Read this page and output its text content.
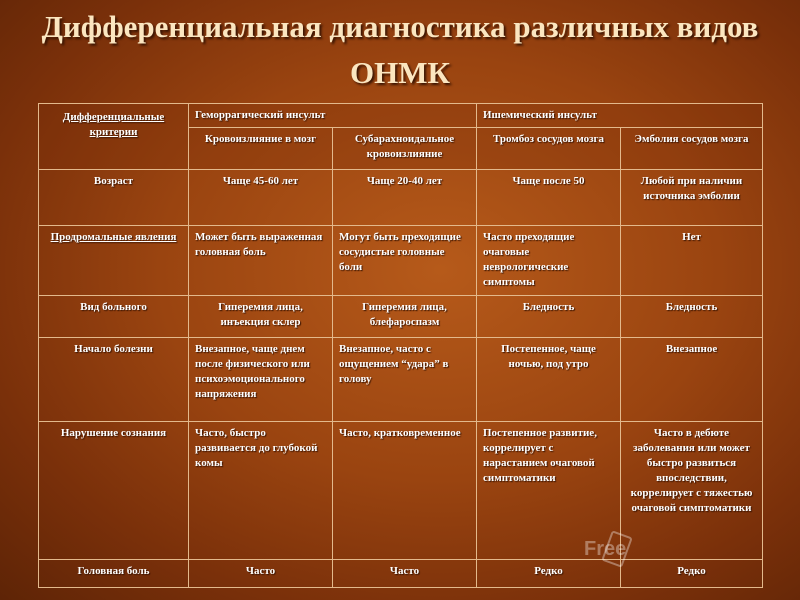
Дифференциальная диагностика различных видов ОНМК
Дифференциальные критерии	Геморрагический инсульт		Ишемический инсульт	
	Кровоизлияние в мозг	Субарахноидальное кровоизлияние	Тромбоз сосудов мозга	Эмболия сосудов мозга
Возраст	Чаще 45-60 лет	Чаще 20-40 лет	Чаще после 50	Любой при наличии источника эмболии
Продромальные явления	Может быть выраженная головная боль	Могут быть преходящие сосудистые головные боли	Часто преходящие очаговые неврологические симптомы	Нет
Вид больного	Гиперемия лица, инъекция склер	Гиперемия лица, блефароспазм	Бледность	Бледность
Начало болезни	Внезапное, чаще днем после физического или психоэмоционального напряжения	Внезапное, часто с ощущением “удара” в голову	Постепенное, чаще ночью, под утро	Внезапное
Нарушение сознания	Часто, быстро развивается до глубокой комы	Часто, кратковременное	Постепенное развитие, коррелирует с нарастанием очаговой симптоматики	Часто в дебюте заболевания или может быстро развиться впоследствии, коррелирует с тяжестью очаговой симптоматики
Головная боль	Часто	Часто	Редко	Редко
Free
